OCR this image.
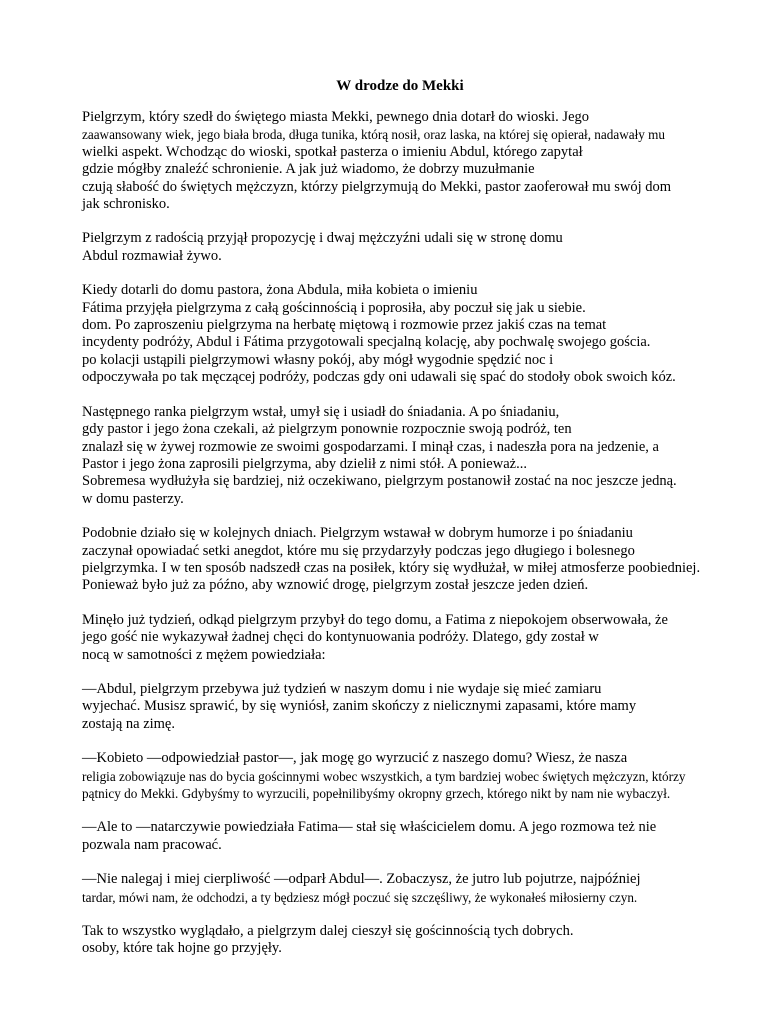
W drodze do Mekki
Pielgrzym, który szedł do świętego miasta Mekki, pewnego dnia dotarł do wioski. Jego
zaawansowany wiek, jego biała broda, długa tunika, którą nosił, oraz laska, na której się opierał, nadawały mu
wielki aspekt. Wchodząc do wioski, spotkał pasterza o imieniu Abdul, którego zapytał
gdzie mógłby znaleźć schronienie. A jak już wiadomo, że dobrzy muzułmanie
czują słabość do świętych mężczyzn, którzy pielgrzymują do Mekki, pastor zaoferował mu swój dom
jak schronisko.
Pielgrzym z radością przyjął propozycję i dwaj mężczyźni udali się w stronę domu
Abdul rozmawiał żywo.
Kiedy dotarli do domu pastora, żona Abdula, miła kobieta o imieniu
Fátima przyjęła pielgrzyma z całą gościnnością i poprosiła, aby poczuł się jak u siebie.
dom. Po zaproszeniu pielgrzyma na herbatę miętową i rozmowie przez jakiś czas na temat
incydenty podróży, Abdul i Fátima przygotowali specjalną kolację, aby pochwalę swojego gościa.
po kolacji ustąpili pielgrzymowi własny pokój, aby mógł wygodnie spędzić noc i
odpoczywała po tak męczącej podróży, podczas gdy oni udawali się spać do stodoły obok swoich kóz.
Następnego ranka pielgrzym wstał, umył się i usiadł do śniadania. A po śniadaniu,
gdy pastor i jego żona czekali, aż pielgrzym ponownie rozpocznie swoją podróż, ten
znalazł się w żywej rozmowie ze swoimi gospodarzami. I minął czas, i nadeszła pora na jedzenie, a
Pastor i jego żona zaprosili pielgrzyma, aby dzielił z nimi stół. A ponieważ...
Sobremesa wydłużyła się bardziej, niż oczekiwano, pielgrzym postanowił zostać na noc jeszcze jedną.
w domu pasterzy.
Podobnie działo się w kolejnych dniach. Pielgrzym wstawał w dobrym humorze i po śniadaniu
zaczynał opowiadać setki anegdot, które mu się przydarzyły podczas jego długiego i bolesnego
pielgrzymka. I w ten sposób nadszedł czas na posiłek, który się wydłużał, w miłej atmosferze poobiedniej.
Ponieważ było już za późno, aby wznowić drogę, pielgrzym został jeszcze jeden dzień.
Minęło już tydzień, odkąd pielgrzym przybył do tego domu, a Fatima z niepokojem obserwowała, że
jego gość nie wykazywał żadnej chęci do kontynuowania podróży. Dlatego, gdy został w
nocą w samotności z mężem powiedziała:
—Abdul, pielgrzym przebywa już tydzień w naszym domu i nie wydaje się mieć zamiaru
wyjechać. Musisz sprawić, by się wyniósł, zanim skończy z nielicznymi zapasami, które mamy
zostają na zimę.
—Kobieto —odpowiedział pastor—, jak mogę go wyrzucić z naszego domu? Wiesz, że nasza
religia zobowiązuje nas do bycia gościnnymi wobec wszystkich, a tym bardziej wobec świętych mężczyzn, którzy
pątnicy do Mekki. Gdybyśmy to wyrzucili, popełnilibyśmy okropny grzech, którego nikt by nam nie wybaczył.
—Ale to —natarczywie powiedziała Fatima— stał się właścicielem domu. A jego rozmowa też nie
pozwala nam pracować.
—Nie nalegaj i miej cierpliwość —odparł Abdul—. Zobaczysz, że jutro lub pojutrze, najpóźniej
tardar, mówi nam, że odchodzi, a ty będziesz mógł poczuć się szczęśliwy, że wykonałeś miłosierny czyn.
Tak to wszystko wyglądało, a pielgrzym dalej cieszył się gościnnością tych dobrych.
osoby, które tak hojne go przyjęły.
